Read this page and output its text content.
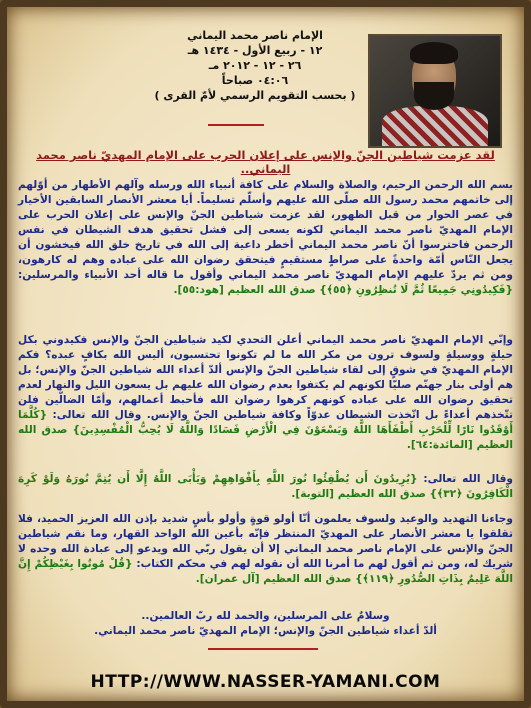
الإمام ناصر محمد اليماني
١٢ - ربيع الأول - ١٤٣٤ هـ
٢٦ - ١٢ - ٢٠١٢ مـ
٠٤:٠٦ صباحاً
( بحسب التقويم الرسمي لأمّ القرى )
لقد عزمت شياطين الجنّ والإنس على إعلان الحرب على الإمام المهديّ ناصر محمد اليماني..
بسم الله الرحمن الرحيم، والصلاة والسلام على كافة أنبياء الله ورسله وآلهم الأطهار من أوّلهم إلى خاتمهم محمد رسول الله صلّى الله عليهم وأسلّم تسليماً. أيا معشر الأنصار السابقين الأخيار في عصر الحوار من قبل الظهور، لقد عزمت شياطين الجنّ والإنس على إعلان الحرب على الإمام المهديّ ناصر محمد اليماني لكونه يسعى إلى فشل تحقيق هدف الشيطان في نفس الرحمن فاحترسوا أنّ ناصر محمد اليماني أخطر داعية إلى الله في تاريخ خلق الله فيخشون أن يجعل النّاس أمّة واحدةً على صراطٍ مستقيمٍ فيتحقق رضوان الله على عباده وهم له كارهون، ومن ثم يردّ عليهم الإمام المهديّ ناصر محمد اليماني وأقول ما قاله أحد الأنبياء والمرسلين: {فَكِيدُونِي جَمِيعًا ثُمَّ لَا تُنظِرُونِ ﴿٥٥﴾} صدق الله العظيم [هود:٥٥].
وإنّي الإمام المهديّ ناصر محمد اليماني أعلن التحدي لكيد شياطين الجنّ والإنس فكيدوني بكل حيلةٍ ووسيلةٍ ولسوف ترون من مكر الله ما لم تكونوا تحتسبون، أليس الله بكافٍ عبده؟ فكم الإمام المهديّ في شوقٍ إلى لقاء شياطين الجنّ والإنس ألدّ أعداء الله شياطين الجنّ والإنس؛ بل هم أولى بنار جهنّم صليّا لكونهم لم يكتفوا بعدم رضوان الله عليهم بل يسعون الليل والنهار لعدم تحقيق رضوان الله على عباده كونهم كرهوا رضوان الله فأحبط أعمالهم، وأمّا الضالّين فلن تتّخذهم أعداءً بل اتّخذت الشيطان عدوّاً وكافة شياطين الجنّ والإنس. وقال الله تعالى: {كُلَّمَا أَوْقَدُوا نَارًا لِّلْحَرْبِ أَطْفَأَهَا اللَّهُ وَيَسْعَوْنَ فِي الْأَرْضِ فَسَادًا وَاللَّهُ لَا يُحِبُّ الْمُفْسِدِينَ} صدق الله العظيم [المائدة:٦٤].
وقال الله تعالى: {يُرِيدُونَ أَن يُطْفِئُوا نُورَ اللَّهِ بِأَفْوَاهِهِمْ وَيَأْبَى اللَّهُ إِلَّا أَن يُتِمَّ نُورَهُ وَلَوْ كَرِهَ الْكَافِرُونَ ﴿٣٢﴾} صدق الله العظيم [التوبة].
وجاءنا التهديد والوعيد ولسوف يعلمون أنّا أولو قوةٍ وأولو بأسٍ شديد بإذن الله العزيز الحميد، فلا تقلقوا يا معشر الأنصار على المهديّ المنتظر فإنّه بأعين الله الواحد القهار، وما نقم شياطين الجنّ والإنس على الإمام ناصر محمد اليماني إلا أن يقول ربّي الله ويدعو إلى عبادة الله وحده لا شريك له، ومن ثم أقول لهم ما أمرنا الله أن نقوله لهم في محكم الكتاب: {قُلْ مُوتُوا بِغَيْظِكُمْ إِنَّ اللَّهَ عَلِيمٌ بِذَاتِ الصُّدُورِ ﴿١١٩﴾} صدق الله العظيم [آل عمران].
وسلامٌ على المرسلين، والحمد لله ربّ العالمين..
ألدّ أعداء شياطين الجنّ والإنس؛ الإمام المهديّ ناصر محمد اليماني.
HTTP://WWW.NASSER-YAMANI.COM
